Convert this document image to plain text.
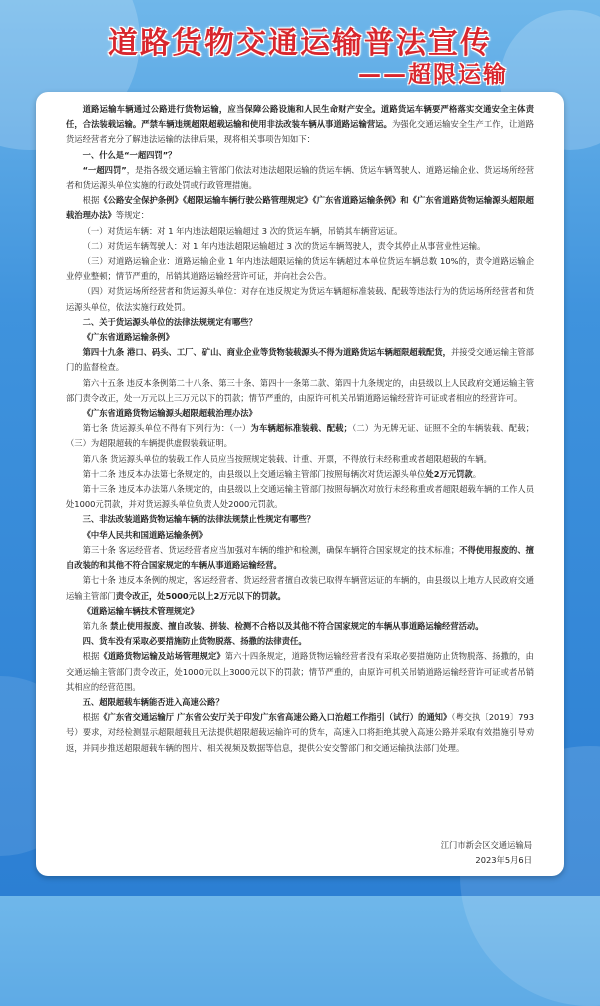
道路货物交通运输普法宣传
——超限运输

道路运输车辆通过公路进行货物运输，应当保障公路设施和人民生命财产安全。道路货运车辆要严格落实交通安全主体责任，合法装载运输。严禁车辆违规超限超载运输和使用非法改装车辆从事道路运输营运。为强化交通运输安全生产工作，让道路货运经营者充分了解违法运输的法律后果，现将相关事项告知如下：

一、什么是“一超四罚”？

“一超四罚”，是指各级交通运输主管部门依法对违法超限运输的货运车辆、货运车辆驾驶人、道路运输企业、货运场所经营者和货运源头单位实施的行政处罚或行政管理措施。

根据《公路安全保护条例》《超限运输车辆行驶公路管理规定》《广东省道路运输条例》和《广东省道路货物运输源头超限超载治理办法》等规定：

（一）对货运车辆：对 1 年内违法超限运输超过 3 次的货运车辆，吊销其车辆营运证。

（二）对货运车辆驾驶人：对 1 年内违法超限运输超过 3 次的货运车辆驾驶人，责令其停止从事营业性运输。

（三）对道路运输企业：道路运输企业 1 年内违法超限运输的货运车辆超过本单位货运车辆总数 10%的，责令道路运输企业停业整顿；情节严重的，吊销其道路运输经营许可证，并向社会公告。

（四）对货运场所经营者和货运源头单位：对存在违反规定为货运车辆超标准装载、配载等违法行为的货运场所经营者和货运源头单位，依法实施行政处罚。

二、关于货运源头单位的法律法规规定有哪些？

《广东省道路运输条例》

第四十九条 港口、码头、工厂、矿山、商业企业等货物装载源头不得为道路货运车辆超限超载配货，并接受交通运输主管部门的监督检查。

第六十五条 违反本条例第二十八条、第三十条、第四十一条第二款、第四十九条规定的，由县级以上人民政府交通运输主管部门责令改正，处一万元以上三万元以下的罚款；情节严重的，由原许可机关吊销道路运输经营许可证或者相应的经营许可。

《广东省道路货物运输源头超限超载治理办法》

第七条 货运源头单位不得有下列行为：（一）为车辆超标准装载、配载；（二）为无牌无证、证照不全的车辆装载、配载；（三）为超限超载的车辆提供虚假装载证明。

第八条 货运源头单位的装载工作人员应当按照规定装载、计重、开票，不得放行未经称重或者超限超载的车辆。

第十二条 违反本办法第七条规定的，由县级以上交通运输主管部门按照每辆次对货运源头单位处2万元罚款。

第十三条 违反本办法第八条规定的，由县级以上交通运输主管部门按照每辆次对放行未经称重或者超限超载车辆的工作人员处1000元罚款，并对货运源头单位负责人处2000元罚款。

三、非法改装道路货物运输车辆的法律法规禁止性规定有哪些？

《中华人民共和国道路运输条例》

第三十条 客运经营者、货运经营者应当加强对车辆的维护和检测，确保车辆符合国家规定的技术标准；不得使用报废的、擅自改装的和其他不符合国家规定的车辆从事道路运输经营。

第七十条 违反本条例的规定，客运经营者、货运经营者擅自改装已取得车辆营运证的车辆的，由县级以上地方人民政府交通运输主管部门责令改正，处5000元以上2万元以下的罚款。

《道路运输车辆技术管理规定》

第九条 禁止使用报废、擅自改装、拼装、检测不合格以及其他不符合国家规定的车辆从事道路运输经营活动。

四、货车没有采取必要措施防止货物脱落、扬撒的法律责任。

根据《道路货物运输及站场管理规定》第六十四条规定，道路货物运输经营者没有采取必要措施防止货物脱落、扬撒的，由交通运输主管部门责令改正，处1000元以上3000元以下的罚款；情节严重的，由原许可机关吊销道路运输经营许可证或者吊销其相应的经营范围。

五、超限超载车辆能否进入高速公路？

根据《广东省交通运输厅 广东省公安厅关于印发广东省高速公路入口治超工作指引（试行）的通知》（粤交执〔2019〕793 号）要求，对经检测显示超限超载且无法提供超限超载运输许可的货车，高速入口将拒绝其驶入高速公路并采取有效措施引导劝返，并同步推送超限超载车辆的图片、相关视频及数据等信息，提供公安交警部门和交通运输执法部门处理。

江门市新会区交通运输局
2023年5月6日
